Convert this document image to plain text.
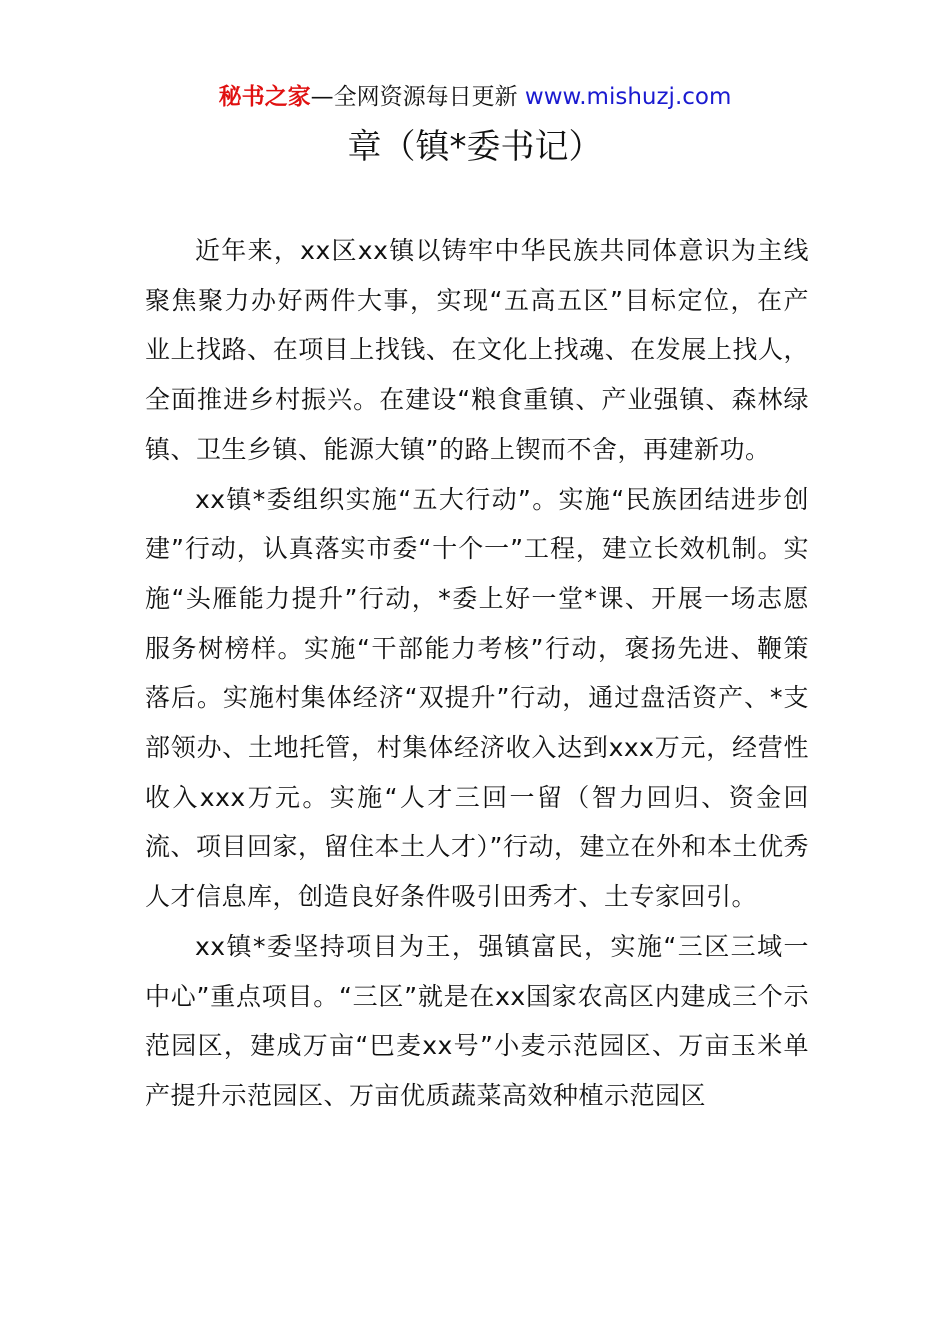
秘书之家—全网资源每日更新 www.mishuzj.com
章（镇*委书记）

近年来，xx区xx镇以铸牢中华民族共同体意识为主线聚焦聚力办好两件大事，实现“五高五区”目标定位，在产业上找路、在项目上找钱、在文化上找魂、在发展上找人，全面推进乡村振兴。在建设“粮食重镇、产业强镇、森林绿镇、卫生乡镇、能源大镇”的路上锲而不舍，再建新功。

xx镇*委组织实施“五大行动”。实施“民族团结进步创建”行动，认真落实市委“十个一”工程，建立长效机制。实施“头雁能力提升”行动，*委上好一堂*课、开展一场志愿服务树榜样。实施“干部能力考核”行动，褒扬先进、鞭策落后。实施村集体经济“双提升”行动，通过盘活资产、*支部领办、土地托管，村集体经济收入达到xxx万元，经营性收入xxx万元。实施“人才三回一留（智力回归、资金回流、项目回家，留住本土人才）”行动，建立在外和本土优秀人才信息库，创造良好条件吸引田秀才、土专家回引。

xx镇*委坚持项目为王，强镇富民，实施“三区三域一中心”重点项目。“三区”就是在xx国家农高区内建成三个示范园区，建成万亩“巴麦xx号”小麦示范园区、万亩玉米单产提升示范园区、万亩优质蔬菜高效种植示范园区
